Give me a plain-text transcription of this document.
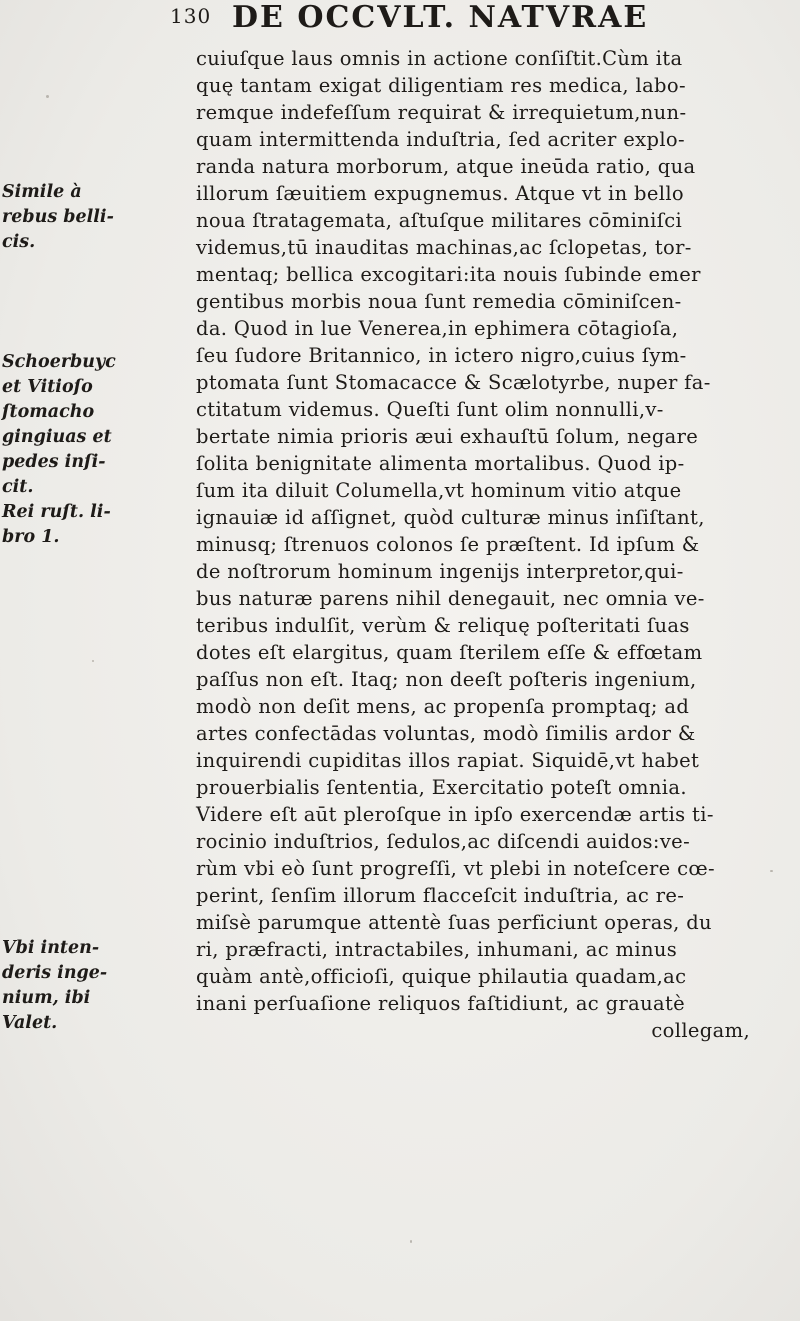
130 DE OCCVLT. NATVRAE
cuiuſque laus omnis in actione conſiſtit.Cùm ita
quę tantam exigat diligentiam res medica, labo-
remque indefeſſum requirat & irrequietum,nun-
quam intermittenda induſtria, ſed acriter explo-
randa natura morborum, atque ineūda ratio, qua
illorum ſæuitiem expugnemus. Atque vt in bello
noua ſtratagemata, aſtuſque militares cōminiſci
videmus,tū inauditas machinas,ac ſclopetas, tor-
mentaq; bellica excogitari:ita nouis ſubinde emer
gentibus morbis noua ſunt remedia cōminiſcen-
da. Quod in lue Venerea,in ephimera cōtagioſa,
ſeu ſudore Britannico, in ictero nigro,cuius ſym-
ptomata ſunt Stomacacce & Scælotyrbe, nuper fa-
ctitatum videmus. Queſti ſunt olim nonnulli,v-
bertate nimia prioris æui exhauſtū ſolum, negare
ſolita benignitate alimenta mortalibus. Quod ip-
ſum ita diluit Columella,vt hominum vitio atque
ignauiæ id aſſignet, quòd culturæ minus inſiſtant,
minusq; ſtrenuos colonos ſe præſtent. Id ipſum &
de noſtrorum hominum ingenijs interpretor,qui-
bus naturæ parens nihil denegauit, nec omnia ve-
teribus indulſit, verùm & reliquę poſteritati ſuas
dotes eſt elargitus, quam ſterilem eſſe & effœtam
paſſus non eſt. Itaq; non deeſt poſteris ingenium,
modò non deſit mens, ac propenſa promptaq; ad
artes confectādas voluntas, modò ſimilis ardor &
inquirendi cupiditas illos rapiat. Siquidē,vt habet
prouerbialis ſententia, Exercitatio poteſt omnia.
Videre eſt aūt pleroſque in ipſo exercendæ artis ti-
rocinio induſtrios, ſedulos,ac diſcendi auidos:ve-
rùm vbi eò ſunt progreſſi, vt plebi in noteſcere cœ-
perint, ſenſim illorum flacceſcit induſtria, ac re-
miſsè parumque attentè ſuas perficiunt operas, du
ri, præfracti, intractabiles, inhumani, ac minus
quàm antè,officioſi, quique philautia quadam,ac
inani perſuaſione reliquos faſtidiunt, ac grauatè
collegam,
Simile à
rebus belli-
cis.
Schoerbuyc
et Vitioſo
ſtomacho
gingiuas et
pedes inſi-
cit.
Rei ruſt. li-
bro 1.
Vbi inten-
deris inge-
nium, ibi
Valet.
